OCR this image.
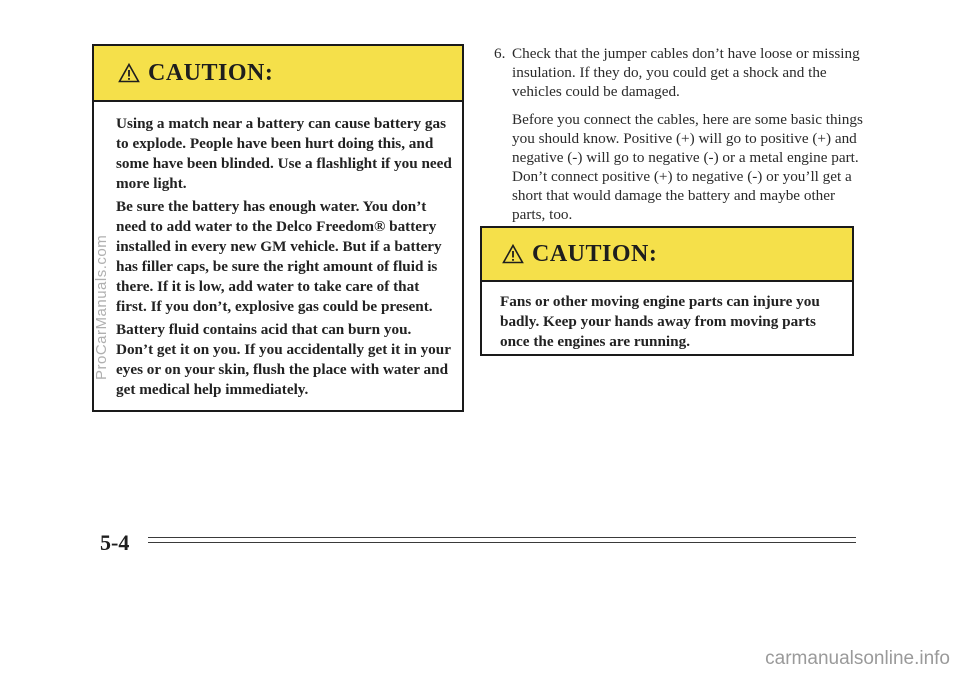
CAUTION:

Using a match near a battery can cause battery gas to explode. People have been hurt doing this, and some have been blinded. Use a flashlight if you need more light.

Be sure the battery has enough water. You don’t need to add water to the Delco Freedom® battery installed in every new GM vehicle. But if a battery has filler caps, be sure the right amount of fluid is there. If it is low, add water to take care of that first. If you don’t, explosive gas could be present.

Battery fluid contains acid that can burn you. Don’t get it on you. If you accidentally get it in your eyes or on your skin, flush the place with water and get medical help immediately.

6. Check that the jumper cables don’t have loose or missing insulation. If they do, you could get a shock and the vehicles could be damaged.

Before you connect the cables, here are some basic things you should know. Positive (+) will go to positive (+) and negative (-) will go to negative (-) or a metal engine part. Don’t connect positive (+) to negative (-) or you’ll get a short that would damage the battery and maybe other parts, too.

CAUTION:

Fans or other moving engine parts can injure you badly. Keep your hands away from moving parts once the engines are running.

5-4
ProCarManuals.com
carmanualsonline.info
